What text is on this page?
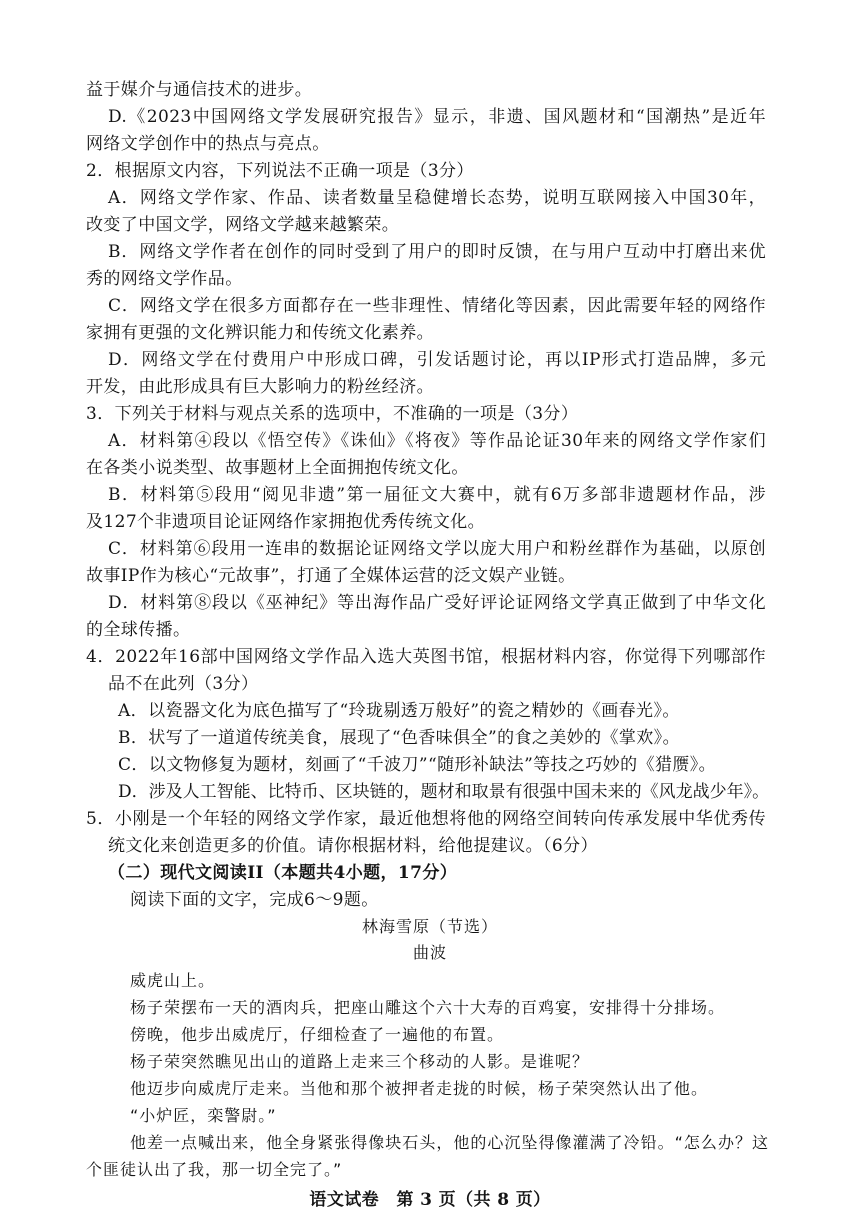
益于媒介与通信技术的进步。
D.《2023中国网络文学发展研究报告》显示，非遗、国风题材和“国潮热”是近年
网络文学创作中的热点与亮点。
2．根据原文内容，下列说法不正确一项是（3分）
A．网络文学作家、作品、读者数量呈稳健增长态势，说明互联网接入中国30年，
改变了中国文学，网络文学越来越繁荣。
B．网络文学作者在创作的同时受到了用户的即时反馈，在与用户互动中打磨出来优
秀的网络文学作品。
C．网络文学在很多方面都存在一些非理性、情绪化等因素，因此需要年轻的网络作
家拥有更强的文化辨识能力和传统文化素养。
D．网络文学在付费用户中形成口碑，引发话题讨论，再以IP形式打造品牌，多元
开发，由此形成具有巨大影响力的粉丝经济。
3．下列关于材料与观点关系的选项中，不准确的一项是（3分）
A．材料第④段以《悟空传》《诛仙》《将夜》等作品论证30年来的网络文学作家们
在各类小说类型、故事题材上全面拥抱传统文化。
B．材料第⑤段用“阅见非遗”第一届征文大赛中，就有6万多部非遗题材作品，涉
及127个非遗项目论证网络作家拥抱优秀传统文化。
C．材料第⑥段用一连串的数据论证网络文学以庞大用户和粉丝群作为基础，以原创
故事IP作为核心“元故事”，打通了全媒体运营的泛文娱产业链。
D．材料第⑧段以《巫神纪》等出海作品广受好评论证网络文学真正做到了中华文化
的全球传播。
4．2022年16部中国网络文学作品入选大英图书馆，根据材料内容，你觉得下列哪部作
品不在此列（3分）
A．以瓷器文化为底色描写了“玲珑剔透万般好”的瓷之精妙的《画春光》。
B．状写了一道道传统美食，展现了“色香味俱全”的食之美妙的《掌欢》。
C．以文物修复为题材，刻画了“千波刀”“随形补缺法”等技之巧妙的《猎赝》。
D．涉及人工智能、比特币、区块链的，题材和取景有很强中国未来的《风龙战少年》。
5．小刚是一个年轻的网络文学作家，最近他想将他的网络空间转向传承发展中华优秀传
统文化来创造更多的价值。请你根据材料，给他提建议。（6分）
（二）现代文阅读II（本题共4小题，17分）
阅读下面的文字，完成6～9题。
林海雪原（节选）
曲波
威虎山上。
杨子荣摆布一天的酒肉兵，把座山雕这个六十大寿的百鸡宴，安排得十分排场。
傍晚，他步出威虎厅，仔细检查了一遍他的布置。
杨子荣突然瞧见出山的道路上走来三个移动的人影。是谁呢？
他迈步向威虎厅走来。当他和那个被押者走拢的时候，杨子荣突然认出了他。
“小炉匠，栾警尉。”
他差一点喊出来，他全身紧张得像块石头，他的心沉坠得像灌满了冷铅。“怎么办？这
个匪徒认出了我，那一切全完了。”
语文试卷　第 3 页（共 8 页）
